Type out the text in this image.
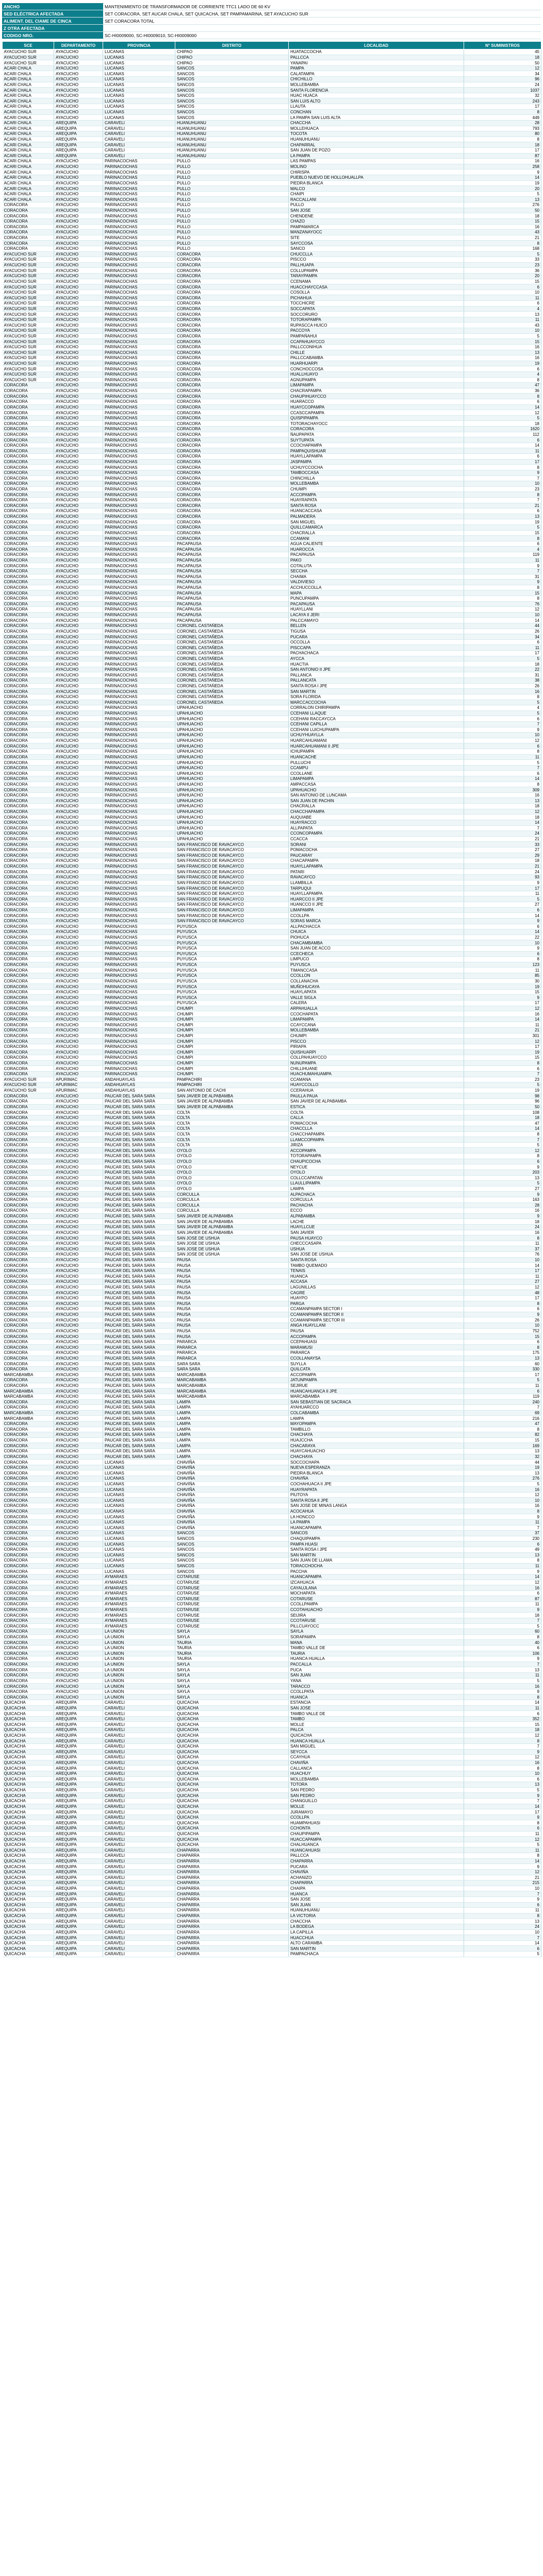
ANCHO	MANTENIMIENTO DE TRANSFORMADOR DE CORRIENTE TTC1 LADO DE 60 KV
SED ELÉCTRICA AFECTADA	SET CORACORA, SET AUCAR CHALA, SET QUICACHA, SET PAMPAMARINA, SET AYACUCHO SUR
ALIMENT. DEL CIAME DE CINCA	SET CORACORA TOTAL
Z OTRA AFECTADA	
CODIGO NRO.	SC-HI0009000, SC-HI0009010, SC-HI0009000
SCE	DEPARTAMENTO	PROVINCIA	DISTRITO	LOCALIDAD	N° SUMINISTROS
AYACUCHO SUR	AYACUCHO	LUCANAS	CHIPAO	HUATACCOCHA	45
AYACUCHO SUR	AYACUCHO	LUCANAS	CHIPAO	PALLCCA	18
AYACUCHO SUR	AYACUCHO	LUCANAS	CHIPAO	YANAPAI	50
ACARI CHALA	AYACUCHO	LUCANAS	SANCOS	PAMPA	12
ACARI CHALA	AYACUCHO	LUCANAS	SANCOS	CALATAMPA	34
ACARI CHALA	AYACUCHO	LUCANAS	SANCOS	CHICHILLO	96
ACARI CHALA	AYACUCHO	LUCANAS	SANCOS	MOLLEBAMBA	24
ACARI CHALA	AYACUCHO	LUCANAS	SANCOS	SANTA FLORENCIA	1037
ACARI CHALA	AYACUCHO	LUCANAS	SANCOS	HUAC HUACA	32
ACARI CHALA	AYACUCHO	LUCANAS	SANCOS	SAN LUIS ALTO	243
ACARI CHALA	AYACUCHO	LUCANAS	SANCOS	LLAUTA	17
ACARI CHALA	AYACUCHO	LUCANAS	SANCOS	CONCHAN	8
ACARI CHALA	AYACUCHO	LUCANAS	SANCOS	LA PAMPA SAN LUIS ALTA	449
ACARI CHALA	AREQUIPA	CARAVELI	HUANUHUANU	CHACCHA	28
ACARI CHALA	AREQUIPA	CARAVELI	HUANUHUANU	MOLLEHUACA	793
ACARI CHALA	AREQUIPA	CARAVELI	HUANUHUANU	TOCOTA	80
ACARI CHALA	AREQUIPA	CARAVELI	HUANUHUANU	HUANUHUANU	8
ACARI CHALA	AREQUIPA	CARAVELI	HUANUHUANU	CHAPARRAL	18
ACARI CHALA	AREQUIPA	CARAVELI	HUANUHUANU	SAN JUAN DE POZO	17
ACARI CHALA	AREQUIPA	CARAVELI	HUANUHUANU	LA PAMPA	87
ACARI CHALA	AYACUCHO	PARINACOCHAS	PULLO	LAS PAMPAS	16
ACARI CHALA	AYACUCHO	PARINACOCHAS	PULLO	MOLINO	258
ACARI CHALA	AYACUCHO	PARINACOCHAS	PULLO	CHIRISPA	9
ACARI CHALA	AYACUCHO	PARINACOCHAS	PULLO	PUEBLO NUEVO DE HOLLOHUALLPA	14
ACARI CHALA	AYACUCHO	PARINACOCHAS	PULLO	PIEDRA BLANCA	19
ACARI CHALA	AYACUCHO	PARINACOCHAS	PULLO	MALCO	20
ACARI CHALA	AYACUCHO	PARINACOCHAS	PULLO	CHAIPI	5
ACARI CHALA	AYACUCHO	PARINACOCHAS	PULLO	RACCALLANI	13
CORACORA	AYACUCHO	PARINACOCHAS	PULLO	PULLO	276
CORACORA	AYACUCHO	PARINACOCHAS	PULLO	SAN JOSE	50
CORACORA	AYACUCHO	PARINACOCHAS	PULLO	CHENDENE	18
CORACORA	AYACUCHO	PARINACOCHAS	PULLO	CHAZO	15
CORACORA	AYACUCHO	PARINACOCHAS	PULLO	PAMPAMARCA	16
CORACORA	AYACUCHO	PARINACOCHAS	PULLO	MANZANAYOCC	43
CORACORA	AYACUCHO	PARINACOCHAS	PULLO	SITE	21
CORACORA	AYACUCHO	PARINACOCHAS	PULLO	SAYCCOSA	8
CORACORA	AYACUCHO	PARINACOCHAS	PULLO	SANCO	168
AYACUCHO SUR	AYACUCHO	PARINACOCHAS	CORACORA	CHUCCLLA	5
AYACUCHO SUR	AYACUCHO	PARINACOCHAS	CORACORA	PISCCO	33
AYACUCHO SUR	AYACUCHO	PARINACOCHAS	CORACORA	PALLHUAPA	23
AYACUCHO SUR	AYACUCHO	PARINACOCHAS	CORACORA	COLLUPAMPA	36
AYACUCHO SUR	AYACUCHO	PARINACOCHAS	CORACORA	TARAYPAMPA	20
AYACUCHO SUR	AYACUCHO	PARINACOCHAS	CORACORA	CCENAMA	15
AYACUCHO SUR	AYACUCHO	PARINACOCHAS	CORACORA	HUACCHAYCCASA	6
AYACUCHO SUR	AYACUCHO	PARINACOCHAS	CORACORA	COSOLLA	10
AYACUCHO SUR	AYACUCHO	PARINACOCHAS	CORACORA	PICHAHUA	11
AYACUCHO SUR	AYACUCHO	PARINACOCHAS	CORACORA	TOCCHICRE	6
AYACUCHO SUR	AYACUCHO	PARINACOCHAS	CORACORA	SOCCAPATA	4
AYACUCHO SUR	AYACUCHO	PARINACOCHAS	CORACORA	SOCCORURO	13
AYACUCHO SUR	AYACUCHO	PARINACOCHAS	CORACORA	TOTORAPAMPA	11
AYACUCHO SUR	AYACUCHO	PARINACOCHAS	CORACORA	RUPASCCA HUICO	43
AYACUCHO SUR	AYACUCHO	PARINACOCHAS	CORACORA	PACCOYA	10
AYACUCHO SUR	AYACUCHO	PARINACOCHAS	CORACORA	PAMPAÑAHUI	5
AYACUCHO SUR	AYACUCHO	PARINACOCHAS	CORACORA	CCAPAHUAYCCO	15
AYACUCHO SUR	AYACUCHO	PARINACOCHAS	CORACORA	PALLCCONIHUA	16
AYACUCHO SUR	AYACUCHO	PARINACOCHAS	CORACORA	CHILLE	13
AYACUCHO SUR	AYACUCHO	PARINACOCHAS	CORACORA	PALLCCABAMBA	16
AYACUCHO SUR	AYACUCHO	PARINACOCHAS	CORACORA	HUARHUARPI	19
AYACUCHO SUR	AYACUCHO	PARINACOCHAS	CORACORA	CONCHOCCOSA	6
AYACUCHO SUR	AYACUCHO	PARINACOCHAS	CORACORA	HUALLHUAYO	4
AYACUCHO SUR	AYACUCHO	PARINACOCHAS	CORACORA	AGNUPAMPA	8
CORACORA	AYACUCHO	PARINACOCHAS	CORACORA	LIMAPAMPA	47
CORACORA	AYACUCHO	PARINACOCHAS	CORACORA	CHACRAPAMPA	36
CORACORA	AYACUCHO	PARINACOCHAS	CORACORA	CHAUPIHUAYCCO	8
CORACORA	AYACUCHO	PARINACOCHAS	CORACORA	HUARACCO	6
CORACORA	AYACUCHO	PARINACOCHAS	CORACORA	HUAYCCOPAMPA	14
CORACORA	AYACUCHO	PARINACOCHAS	CORACORA	CCASCCAPAMPA	12
CORACORA	AYACUCHO	PARINACOCHAS	CORACORA	QUISPIPAMPA	5
CORACORA	AYACUCHO	PARINACOCHAS	CORACORA	TOTORACHAYOCC	18
CORACORA	AYACUCHO	PARINACOCHAS	CORACORA	CORACORA	1620
CORACORA	AYACUCHO	PARINACOCHAS	CORACORA	ÑAUPAPATA	112
CORACORA	AYACUCHO	PARINACOCHAS	CORACORA	SUYTUPATA	6
CORACORA	AYACUCHO	PARINACOCHAS	CORACORA	CCOCHAPAMPA	14
CORACORA	AYACUCHO	PARINACOCHAS	CORACORA	PAMPAQUISHUAR	11
CORACORA	AYACUCHO	PARINACOCHAS	CORACORA	HUAYLLAPAMPA	6
CORACORA	AYACUCHO	PARINACOCHAS	CORACORA	JASPAMPA	17
CORACORA	AYACUCHO	PARINACOCHAS	CORACORA	UCHUYCCOCHA	8
CORACORA	AYACUCHO	PARINACOCHAS	CORACORA	TAMBOCCASA	9
CORACORA	AYACUCHO	PARINACOCHAS	CORACORA	CHINCHILLA	7
CORACORA	AYACUCHO	PARINACOCHAS	CORACORA	MOLLEBAMBA	10
CORACORA	AYACUCHO	PARINACOCHAS	CORACORA	CHUMPI	23
CORACORA	AYACUCHO	PARINACOCHAS	CORACORA	ACCOPAMPA	8
CORACORA	AYACUCHO	PARINACOCHAS	CORACORA	HUAYRAPATA	7
CORACORA	AYACUCHO	PARINACOCHAS	CORACORA	SANTA ROSA	21
CORACORA	AYACUCHO	PARINACOCHAS	CORACORA	HUANCACCASA	6
CORACORA	AYACUCHO	PARINACOCHAS	CORACORA	PALMADERA	13
CORACORA	AYACUCHO	PARINACOCHAS	CORACORA	SAN MIGUEL	19
CORACORA	AYACUCHO	PARINACOCHAS	CORACORA	QUILLCAMARCA	5
CORACORA	AYACUCHO	PARINACOCHAS	CORACORA	CHACRALLA	15
CORACORA	AYACUCHO	PARINACOCHAS	CORACORA	CCAMANI	8
CORACORA	AYACUCHO	PARINACOCHAS	PACAPAUSA	AGUA CALIENTE	6
CORACORA	AYACUCHO	PARINACOCHAS	PACAPAUSA	HUAROCCA	4
CORACORA	AYACUCHO	PARINACOCHAS	PACAPAUSA	PACAPAUSA	119
CORACORA	AYACUCHO	PARINACOCHAS	PACAPAUSA	PAKO	11
CORACORA	AYACUCHO	PARINACOCHAS	PACAPAUSA	COTALUTA	9
CORACORA	AYACUCHO	PARINACOCHAS	PACAPAUSA	SECCHA	7
CORACORA	AYACUCHO	PARINACOCHAS	PACAPAUSA	CHAIMA	31
CORACORA	AYACUCHO	PARINACOCHAS	PACAPAUSA	VALDIVIESO	9
CORACORA	AYACUCHO	PARINACOCHAS	PACAPAUSA	ACCHUCCOLLA	8
CORACORA	AYACUCHO	PARINACOCHAS	PACAPAUSA	MAPA	15
CORACORA	AYACUCHO	PARINACOCHAS	PACAPAUSA	PUNCUPAMPA	8
CORACORA	AYACUCHO	PARINACOCHAS	PACAPAUSA	PACAPAUSA	76
CORACORA	AYACUCHO	PARINACOCHAS	PACAPAUSA	HUAYLLANI	12
CORACORA	AYACUCHO	PARINACOCHAS	PACAPAUSA	LACAYA II JERI	10
CORACORA	AYACUCHO	PARINACOCHAS	PACAPAUSA	PALCCAMAYO	14
CORACORA	AYACUCHO	PARINACOCHAS	CORONEL CASTAÑEDA	BELLEN	44
CORACORA	AYACUCHO	PARINACOCHAS	CORONEL CASTAÑEDA	TIGUSA	26
CORACORA	AYACUCHO	PARINACOCHAS	CORONEL CASTAÑEDA	PUCARA	34
CORACORA	AYACUCHO	PARINACOCHAS	CORONEL CASTAÑEDA	OCCOLLA	6
CORACORA	AYACUCHO	PARINACOCHAS	CORONEL CASTAÑEDA	PISCCAPA	11
CORACORA	AYACUCHO	PARINACOCHAS	CORONEL CASTAÑEDA	PACHACHACA	17
CORACORA	AYACUCHO	PARINACOCHAS	CORONEL CASTAÑEDA	AYCCA	5
CORACORA	AYACUCHO	PARINACOCHAS	CORONEL CASTAÑEDA	HUACTIA	18
CORACORA	AYACUCHO	PARINACOCHAS	CORONEL CASTAÑEDA	SAN ANTONIO II JPE	22
CORACORA	AYACUCHO	PARINACOCHAS	CORONEL CASTAÑEDA	PALLANCA	31
CORACORA	AYACUCHO	PARINACOCHAS	CORONEL CASTAÑEDA	PALLANCATA	38
CORACORA	AYACUCHO	PARINACOCHAS	CORONEL CASTAÑEDA	SANTA ROSA I JPE	26
CORACORA	AYACUCHO	PARINACOCHAS	CORONEL CASTAÑEDA	SAN MARTIN	16
CORACORA	AYACUCHO	PARINACOCHAS	CORONEL CASTAÑEDA	SORA FLORIDA	8
CORACORA	AYACUCHO	PARINACOCHAS	CORONEL CASTAÑEDA	MARCCACCOCHA	5
CORACORA	AYACUCHO	PARINACOCHAS	UPAHUACHO	CORRALON CHIRIPAMPA	4
CORACORA	AYACUCHO	PARINACOCHAS	UPAHUACHO	CCEHANI LLAQUE	5
CORACORA	AYACUCHO	PARINACOCHAS	UPAHUACHO	CCEHANI RACCAYCCA	6
CORACORA	AYACUCHO	PARINACOCHAS	UPAHUACHO	CCEHANI CAPILLA	7
CORACORA	AYACUCHO	PARINACOCHAS	UPAHUACHO	CCEHANI LUICHUPAMPA	9
CORACORA	AYACUCHO	PARINACOCHAS	UPAHUACHO	UCHUYHUAYLLA	10
CORACORA	AYACUCHO	PARINACOCHAS	UPAHUACHO	HUARCAHUAMANI	12
CORACORA	AYACUCHO	PARINACOCHAS	UPAHUACHO	HUARCAHUAMANI II JPE	6
CORACORA	AYACUCHO	PARINACOCHAS	UPAHUACHO	ICHUPAMPA	8
CORACORA	AYACUCHO	PARINACOCHAS	UPAHUACHO	HUANCACHE	11
CORACORA	AYACUCHO	PARINACOCHAS	UPAHUACHO	PULLUCHI	5
CORACORA	AYACUCHO	PARINACOCHAS	UPAHUACHO	CCAMPU	7
CORACORA	AYACUCHO	PARINACOCHAS	UPAHUACHO	CCOLLANE	6
CORACORA	AYACUCHO	PARINACOCHAS	UPAHUACHO	LIMAPAMPA	14
CORACORA	AYACUCHO	PARINACOCHAS	UPAHUACHO	AMPACCASA	8
CORACORA	AYACUCHO	PARINACOCHAS	UPAHUACHO	UPAHUACHO	309
CORACORA	AYACUCHO	PARINACOCHAS	UPAHUACHO	SAN ANTONIO DE LUNCAMA	16
CORACORA	AYACUCHO	PARINACOCHAS	UPAHUACHO	SAN JUAN DE PACHIN	13
CORACORA	AYACUCHO	PARINACOCHAS	UPAHUACHO	CHACRALLA	18
CORACORA	AYACUCHO	PARINACOCHAS	UPAHUACHO	CHACCHAPAMPA	12
CORACORA	AYACUCHO	PARINACOCHAS	UPAHUACHO	AUQUIABE	18
CORACORA	AYACUCHO	PARINACOCHAS	UPAHUACHO	HUAYRACCO	14
CORACORA	AYACUCHO	PARINACOCHAS	UPAHUACHO	ALLPAPATA	7
CORACORA	AYACUCHO	PARINACOCHAS	UPAHUACHO	CCONCOPAMPA	24
CORACORA	AYACUCHO	PARINACOCHAS	UPAHUACHO	CCACCA	21
CORACORA	AYACUCHO	PARINACOCHAS	SAN FRANCISCO DE RAVACAYCO	SORANI	33
CORACORA	AYACUCHO	PARINACOCHAS	SAN FRANCISCO DE RAVACAYCO	POMACOCHA	27
CORACORA	AYACUCHO	PARINACOCHAS	SAN FRANCISCO DE RAVACAYCO	PAUCARAY	29
CORACORA	AYACUCHO	PARINACOCHAS	SAN FRANCISCO DE RAVACAYCO	CHACAPAMPA	18
CORACORA	AYACUCHO	PARINACOCHAS	SAN FRANCISCO DE RAVACAYCO	HUAYLLAPAMPA	21
CORACORA	AYACUCHO	PARINACOCHAS	SAN FRANCISCO DE RAVACAYCO	PATARI	24
CORACORA	AYACUCHO	PARINACOCHAS	SAN FRANCISCO DE RAVACAYCO	RAVACAYCO	93
CORACORA	AYACUCHO	PARINACOCHAS	SAN FRANCISCO DE RAVACAYCO	LLAMBILLA	9
CORACORA	AYACUCHO	PARINACOCHAS	SAN FRANCISCO DE RAVACAYCO	TARPUQUI	17
CORACORA	AYACUCHO	PARINACOCHAS	SAN FRANCISCO DE RAVACAYCO	HUAYLLAPAMPA	11
CORACORA	AYACUCHO	PARINACOCHAS	SAN FRANCISCO DE RAVACAYCO	HUARCCO II JPE	5
CORACORA	AYACUCHO	PARINACOCHAS	SAN FRANCISCO DE RAVACAYCO	HUANCCO II JPE	27
CORACORA	AYACUCHO	PARINACOCHAS	SAN FRANCISCO DE RAVACAYCO	LIMAPAMPA	6
CORACORA	AYACUCHO	PARINACOCHAS	SAN FRANCISCO DE RAVACAYCO	CCOLLPA	14
CORACORA	AYACUCHO	PARINACOCHAS	SAN FRANCISCO DE RAVACAYCO	SORAS MARCA	9
CORACORA	AYACUCHO	PARINACOCHAS	PUYUSCA	ALLPACHACCA	6
CORACORA	AYACUCHO	PARINACOCHAS	PUYUSCA	CHUICA	14
CORACORA	AYACUCHO	PARINACOCHAS	PUYUSCA	PIOHUCA	22
CORACORA	AYACUCHO	PARINACOCHAS	PUYUSCA	CHACAMBAMBA	10
CORACORA	AYACUCHO	PARINACOCHAS	PUYUSCA	SAN JUAN DE ACCO	9
CORACORA	AYACUCHO	PARINACOCHAS	PUYUSCA	CCECHECA	6
CORACORA	AYACUCHO	PARINACOCHAS	PUYUSCA	LIMPUCO	8
CORACORA	AYACUCHO	PARINACOCHAS	PUYUSCA	PUYUSCA	123
CORACORA	AYACUCHO	PARINACOCHAS	PUYUSCA	TIMANCCASA	11
CORACORA	AYACUCHO	PARINACOCHAS	PUYUSCA	CCOLLON	85
CORACORA	AYACUCHO	PARINACOCHAS	PUYUSCA	COLLANACHA	30
CORACORA	AYACUCHO	PARINACOCHAS	PUYUSCA	MUÑOHUCAYA	19
CORACORA	AYACUCHO	PARINACOCHAS	PUYUSCA	HUAYLAPATA	15
CORACORA	AYACUCHO	PARINACOCHAS	PUYUSCA	VALLE SIGLA	9
CORACORA	AYACUCHO	PARINACOCHAS	PUYUSCA	CALERA	17
CORACORA	AYACUCHO	PARINACOCHAS	CHUMPI	ARPAHUALLA	12
CORACORA	AYACUCHO	PARINACOCHAS	CHUMPI	CCOCHAPATA	16
CORACORA	AYACUCHO	PARINACOCHAS	CHUMPI	LIMAPAMPA	14
CORACORA	AYACUCHO	PARINACOCHAS	CHUMPI	CCAYCCANA	11
CORACORA	AYACUCHO	PARINACOCHAS	CHUMPI	MOLLEBAMBA	21
CORACORA	AYACUCHO	PARINACOCHAS	CHUMPI	CHUMPI	301
CORACORA	AYACUCHO	PARINACOCHAS	CHUMPI	PISCCO	12
CORACORA	AYACUCHO	PARINACOCHAS	CHUMPI	PIRIAPA	17
CORACORA	AYACUCHO	PARINACOCHAS	CHUMPI	QUISHUARPI	19
CORACORA	AYACUCHO	PARINACOCHAS	CHUMPI	COLLPAHUAYCCO	15
CORACORA	AYACUCHO	PARINACOCHAS	CHUMPI	NUNUPAMPA	8
CORACORA	AYACUCHO	PARINACOCHAS	CHUMPI	CHILLIHUANE	6
CORACORA	AYACUCHO	PARINACOCHAS	CHUMPI	HUACHUMAHUAMPA	7
AYACUCHO SUR	APURIMAC	ANDAHUAYLAS	PAMPACHIRI	CCAMANA	23
AYACUCHO SUR	APURIMAC	ANDAHUAYLAS	PAMPACHIRI	HUAYCCOLLO	5
AYACUCHO SUR	APURIMAC	ANDAHUAYLAS	SAN ANTONIO DE CACHI	CCERAHUA	19
CORACORA	AYACUCHO	PAUCAR DEL SARA SARA	SAN JAVIER DE ALPABAMBA	PAULLA PAUA	98
CORACORA	AYACUCHO	PAUCAR DEL SARA SARA	SAN JAVIER DE ALPABAMBA	SAN JAVIER DE ALPABAMBA	96
CORACORA	AYACUCHO	PAUCAR DEL SARA SARA	SAN JAVIER DE ALPABAMBA	ESTICA	50
CORACORA	AYACUCHO	PAUCAR DEL SARA SARA	COLTA	COLTA	108
CORACORA	AYACUCHO	PAUCAR DEL SARA SARA	COLTA	CALLA	18
CORACORA	AYACUCHO	PAUCAR DEL SARA SARA	COLTA	POMACOCHA	47
CORACORA	AYACUCHO	PAUCAR DEL SARA SARA	COLTA	CHACCLLA	14
CORACORA	AYACUCHO	PAUCAR DEL SARA SARA	COLTA	CHACCHAPAMPA	8
CORACORA	AYACUCHO	PAUCAR DEL SARA SARA	COLTA	LLAMCCOPAMPA	7
CORACORA	AYACUCHO	PAUCAR DEL SARA SARA	COLTA	JIRIZA	5
CORACORA	AYACUCHO	PAUCAR DEL SARA SARA	OYOLO	ACCOPAMPA	12
CORACORA	AYACUCHO	PAUCAR DEL SARA SARA	OYOLO	TOTORAPAMPA	8
CORACORA	AYACUCHO	PAUCAR DEL SARA SARA	OYOLO	CHAUPICOCHA	6
CORACORA	AYACUCHO	PAUCAR DEL SARA SARA	OYOLO	NEYCUE	9
CORACORA	AYACUCHO	PAUCAR DEL SARA SARA	OYOLO	OYOLO	203
CORACORA	AYACUCHO	PAUCAR DEL SARA SARA	OYOLO	COLLCCAPATAN	13
CORACORA	AYACUCHO	PAUCAR DEL SARA SARA	OYOLO	LLAULLIPAMPA	5
CORACORA	AYACUCHO	PAUCAR DEL SARA SARA	OYOLO	LAMPA	27
CORACORA	AYACUCHO	PAUCAR DEL SARA SARA	CORCULLA	ALPACHACA	9
CORACORA	AYACUCHO	PAUCAR DEL SARA SARA	CORCULLA	CORCULLA	163
CORACORA	AYACUCHO	PAUCAR DEL SARA SARA	CORCULLA	PACHACHA	28
CORACORA	AYACUCHO	PAUCAR DEL SARA SARA	CORCULLA	ECCO	16
CORACORA	AYACUCHO	PAUCAR DEL SARA SARA	SAN JAVIER DE ALPABAMBA	ALPABAMBA	9
CORACORA	AYACUCHO	PAUCAR DEL SARA SARA	SAN JAVIER DE ALPABAMBA	LACHE	18
CORACORA	AYACUCHO	PAUCAR DEL SARA SARA	SAN JAVIER DE ALPABAMBA	HUAYLLCUE	24
CORACORA	AYACUCHO	PAUCAR DEL SARA SARA	SAN JAVIER DE ALPABAMBA	SAN JAVIER	16
CORACORA	AYACUCHO	PAUCAR DEL SARA SARA	SAN JOSE DE USHUA	PAUSA HUAYCO	8
CORACORA	AYACUCHO	PAUCAR DEL SARA SARA	SAN JOSE DE USHUA	CHECCCASAPA	11
CORACORA	AYACUCHO	PAUCAR DEL SARA SARA	SAN JOSE DE USHUA	USHUA	37
CORACORA	AYACUCHO	PAUCAR DEL SARA SARA	SAN JOSE DE USHUA	SAN JOSE DE USHUA	76
CORACORA	AYACUCHO	PAUCAR DEL SARA SARA	PAUSA	SANTA ROSA	10
CORACORA	AYACUCHO	PAUCAR DEL SARA SARA	PAUSA	TAMBO QUEMADO	14
CORACORA	AYACUCHO	PAUCAR DEL SARA SARA	PAUSA	TENAIS	17
CORACORA	AYACUCHO	PAUCAR DEL SARA SARA	PAUSA	HUANCA	11
CORACORA	AYACUCHO	PAUCAR DEL SARA SARA	PAUSA	ACCASA	27
CORACORA	AYACUCHO	PAUCAR DEL SARA SARA	PAUSA	LAGUNILLAS	12
CORACORA	AYACUCHO	PAUCAR DEL SARA SARA	PAUSA	CAGRE	48
CORACORA	AYACUCHO	PAUCAR DEL SARA SARA	PAUSA	HUAYPO	17
CORACORA	AYACUCHO	PAUCAR DEL SARA SARA	PAUSA	PARGA	8
CORACORA	AYACUCHO	PAUCAR DEL SARA SARA	PAUSA	CCAMANPAMPA SECTOR I	6
CORACORA	AYACUCHO	PAUCAR DEL SARA SARA	PAUSA	CCAMANPAMPA SECTOR II	9
CORACORA	AYACUCHO	PAUCAR DEL SARA SARA	PAUSA	CCAMANPAMPA SECTOR III	26
CORACORA	AYACUCHO	PAUCAR DEL SARA SARA	PAUSA	ANGA HUAYLLANI	10
CORACORA	AYACUCHO	PAUCAR DEL SARA SARA	PAUSA	PAUSA	752
CORACORA	AYACUCHO	PAUCAR DEL SARA SARA	PAUSA	ACCOPAMPA	15
CORACORA	AYACUCHO	PAUCAR DEL SARA SARA	PARARCA	CCEPAHUASI	6
CORACORA	AYACUCHO	PAUCAR DEL SARA SARA	PARARCA	MARAMUSI	8
CORACORA	AYACUCHO	PAUCAR DEL SARA SARA	PARARCA	PARARCA	175
CORACORA	AYACUCHO	PAUCAR DEL SARA SARA	PARARCA	CCOLLANAYSA	13
CORACORA	AYACUCHO	PAUCAR DEL SARA SARA	SARA SARA	SUYLLA	60
CORACORA	AYACUCHO	PAUCAR DEL SARA SARA	SARA SARA	QUILCATA	330
MARCABAMBA	AYACUCHO	PAUCAR DEL SARA SARA	MARCABAMBA	ACCOPAMPA	17
CORACORA	AYACUCHO	PAUCAR DEL SARA SARA	MARCABAMBA	JATUNPAMPA	5
CORACORA	AYACUCHO	PAUCAR DEL SARA SARA	MARCABAMBA	SEJIRUE	11
MARCABAMBA	AYACUCHO	PAUCAR DEL SARA SARA	MARCABAMBA	HUANCAHUANCA II JPE	6
MARCABAMBA	AYACUCHO	PAUCAR DEL SARA SARA	MARCABAMBA	MARCABAMBA	119
CORACORA	AYACUCHO	PAUCAR DEL SARA SARA	LAMPA	SAN SEBASTIAN DE SACRACA	240
CORACORA	AYACUCHO	PAUCAR DEL SARA SARA	LAMPA	AYAHUARCCO	7
MARCABAMBA	AYACUCHO	PAUCAR DEL SARA SARA	LAMPA	COLCABAMBA	69
MARCABAMBA	AYACUCHO	PAUCAR DEL SARA SARA	LAMPA	LAMPA	216
CORACORA	AYACUCHO	PAUCAR DEL SARA SARA	LAMPA	MAYOPAMPA	47
CORACORA	AYACUCHO	PAUCAR DEL SARA SARA	LAMPA	TAMBILLO	8
CORACORA	AYACUCHO	PAUCAR DEL SARA SARA	LAMPA	CHACHAYA	82
CORACORA	AYACUCHO	PAUCAR DEL SARA SARA	LAMPA	HUAJCCHA	15
CORACORA	AYACUCHO	PAUCAR DEL SARA SARA	LAMPA	CHACARAYA	169
CORACORA	AYACUCHO	PAUCAR DEL SARA SARA	LAMPA	HUAYCAHUACHO	13
CORACORA	AYACUCHO	PAUCAR DEL SARA SARA	LAMPA	CHACHAYA	32
CORACORA	AYACUCHO	LUCANAS	CHAVIÑA	SOCCOCHAPA	44
CORACORA	AYACUCHO	LUCANAS	CHAVIÑA	NUEVA ESPERANZA	19
CORACORA	AYACUCHO	LUCANAS	CHAVIÑA	PIEDRA BLANCA	13
CORACORA	AYACUCHO	LUCANAS	CHAVIÑA	CHAVIÑA	276
CORACORA	AYACUCHO	LUCANAS	CHAVIÑA	COCHAHUACA II JPE	5
CORACORA	AYACUCHO	LUCANAS	CHAVIÑA	HUAYRAPATA	16
CORACORA	AYACUCHO	LUCANAS	CHAVIÑA	PIUTOYA	12
CORACORA	AYACUCHO	LUCANAS	CHAVIÑA	SANTA ROSA II JPE	10
CORACORA	AYACUCHO	LUCANAS	CHAVIÑA	SAN JOSE DE MINAS LANGA	16
CORACORA	AYACUCHO	LUCANAS	CHAVIÑA	ACOCAHUA	8
CORACORA	AYACUCHO	LUCANAS	CHAVIÑA	LA HONCCO	9
CORACORA	AYACUCHO	LUCANAS	CHAVIÑA	LA PAMPA	11
CORACORA	AYACUCHO	LUCANAS	CHAVIÑA	HUANCAPAMPA	7
CORACORA	AYACUCHO	LUCANAS	SANCOS	SANCOS	37
CORACORA	AYACUCHO	LUCANAS	SANCOS	CHAQUIPAMPA	230
CORACORA	AYACUCHO	LUCANAS	SANCOS	PAMPA HUASI	6
CORACORA	AYACUCHO	LUCANAS	SANCOS	SANTA ROSA I JPE	49
CORACORA	AYACUCHO	LUCANAS	SANCOS	SAN MARTIN	13
CORACORA	AYACUCHO	LUCANAS	SANCOS	SAN JUAN DE LLAMA	8
CORACORA	AYACUCHO	LUCANAS	SANCOS	TORACCHOCHA	11
CORACORA	AYACUCHO	LUCANAS	SANCOS	PACCHA	9
CORACORA	AYACUCHO	AYMARAES	COTARUSE	HUANCAPAMPA	14
CORACORA	AYACUCHO	AYMARAES	COTARUSE	IZCAHUACA	12
CORACORA	AYACUCHO	AYMARAES	COTARUSE	CAYAUJLANA	16
CORACORA	AYACUCHO	AYMARAES	COTARUSE	MOCHAPATA	6
CORACORA	AYACUCHO	AYMARAES	COTARUSE	COTARUSE	87
CORACORA	AYACUCHO	AYMARAES	COTARUSE	CCOLLPAMPA	11
CORACORA	AYACUCHO	AYMARAES	COTARUSE	CCOTAHUACHO	9
CORACORA	AYACUCHO	AYMARAES	COTARUSE	SEIJIRA	18
CORACORA	AYACUCHO	AYMARAES	COTARUSE	CCOTARUSE	7
CORACORA	AYACUCHO	AYMARAES	COTARUSE	PILLCUAYOCC	5
CORACORA	AYACUCHO	LA UNION	SAYLA	SAYLA	60
CORACORA	AYACUCHO	LA UNION	SAYLA	SORAPAMPA	8
CORACORA	AYACUCHO	LA UNION	TAURIA	MANA	40
CORACORA	AYACUCHO	LA UNION	TAURIA	TAMBO VALLE DE	6
CORACORA	AYACUCHO	LA UNION	TAURIA	TAURIA	106
CORACORA	AYACUCHO	LA UNION	TAURIA	HUANCA HUALLA	9
CORACORA	AYACUCHO	LA UNION	SAYLA	PACCALLA	7
CORACORA	AYACUCHO	LA UNION	SAYLA	PUCA	13
CORACORA	AYACUCHO	LA UNION	SAYLA	SAN JUAN	11
CORACORA	AYACUCHO	LA UNION	SAYLA	YANA	5
CORACORA	AYACUCHO	LA UNION	SAYLA	TARACCO	16
CORACORA	AYACUCHO	LA UNION	SAYLA	CCOLLPATA	9
CORACORA	AYACUCHO	LA UNION	SAYLA	HUANCA	8
QUICACHA	AREQUIPA	CARAVELI	QUICACHA	ESTANCIA	14
QUICACHA	AREQUIPA	CARAVELI	QUICACHA	SAN JOSE	11
QUICACHA	AREQUIPA	CARAVELI	QUICACHA	TAMBO VALLE DE	6
QUICACHA	AREQUIPA	CARAVELI	QUICACHA	TAMBO	352
QUICACHA	AREQUIPA	CARAVELI	QUICACHA	MOLLE	15
QUICACHA	AREQUIPA	CARAVELI	QUICACHA	PALCA	18
QUICACHA	AREQUIPA	CARAVELI	QUICACHA	QUICACHA	12
QUICACHA	AREQUIPA	CARAVELI	QUICACHA	HUANCA HUALLA	8
QUICACHA	AREQUIPA	CARAVELI	QUICACHA	SAN MIGUEL	7
QUICACHA	AREQUIPA	CARAVELI	QUICACHA	SEYCCA	9
QUICACHA	AREQUIPA	CARAVELI	QUICACHA	CCAYHUA	12
QUICACHA	AREQUIPA	CARAVELI	QUICACHA	CHAVIÑA	16
QUICACHA	AREQUIPA	CARAVELI	QUICACHA	CALLANCA	8
QUICACHA	AREQUIPA	CARAVELI	QUICACHA	HUACHUY	10
QUICACHA	AREQUIPA	CARAVELI	QUICACHA	MOLLEBAMBA	6
QUICACHA	AREQUIPA	CARAVELI	QUICACHA	TOTORA	13
QUICACHA	AREQUIPA	CARAVELI	QUICACHA	SAN PEDRO	5
QUICACHA	AREQUIPA	CARAVELI	QUICACHA	SAN PEDRO	9
QUICACHA	AREQUIPA	CARAVELI	QUICACHA	CHANGUILLO	7
QUICACHA	AREQUIPA	CARAVELI	QUICACHA	MOLLE	14
QUICACHA	AREQUIPA	CARAVELI	QUICACHA	JURAMAYO	17
QUICACHA	AREQUIPA	CARAVELI	QUICACHA	CCOLLPA	9
QUICACHA	AREQUIPA	CARAVELI	QUICACHA	HUAMPAHUASI	8
QUICACHA	AREQUIPA	CARAVELI	QUICACHA	CCHONTA	6
QUICACHA	AREQUIPA	CARAVELI	QUICACHA	CHAUPIPAMPA	11
QUICACHA	AREQUIPA	CARAVELI	QUICACHA	HUACCAPAMPA	12
QUICACHA	AREQUIPA	CARAVELI	QUICACHA	CHALHUANCA	5
QUICACHA	AREQUIPA	CARAVELI	CHAPARRA	HUANCAHUASI	11
QUICACHA	AREQUIPA	CARAVELI	CHAPARRA	PALLCCA	8
QUICACHA	AREQUIPA	CARAVELI	CHAPARRA	CHAPARRA	14
QUICACHA	AREQUIPA	CARAVELI	CHAPARRA	PUCARA	9
QUICACHA	AREQUIPA	CARAVELI	CHAPARRA	CHAVIÑA	12
QUICACHA	AREQUIPA	CARAVELI	CHAPARRA	ACHANIZO	21
QUICACHA	AREQUIPA	CARAVELI	CHAPARRA	CHAPARRA	215
QUICACHA	AREQUIPA	CARAVELI	CHAPARRA	CHAIPA	10
QUICACHA	AREQUIPA	CARAVELI	CHAPARRA	HUANCA	7
QUICACHA	AREQUIPA	CARAVELI	CHAPARRA	SAN JOSE	9
QUICACHA	AREQUIPA	CARAVELI	CHAPARRA	SAN JUAN	6
QUICACHA	AREQUIPA	CARAVELI	CHAPARRA	HUANUHUANU	11
QUICACHA	AREQUIPA	CARAVELI	CHAPARRA	LA VICTORIA	8
QUICACHA	AREQUIPA	CARAVELI	CHAPARRA	CHACCHA	13
QUICACHA	AREQUIPA	CARAVELI	CHAPARRA	LA BODEGA	24
QUICACHA	AREQUIPA	CARAVELI	CHAPARRA	LA CAPILLA	10
QUICACHA	AREQUIPA	CARAVELI	CHAPARRA	HUACCHUA	7
QUICACHA	AREQUIPA	CARAVELI	CHAPARRA	ALTO CARAMBA	14
QUICACHA	AREQUIPA	CARAVELI	CHAPARRA	SAN MARTIN	6
QUICACHA	AREQUIPA	CARAVELI	CHAPARRA	PAMPACHACA	5
